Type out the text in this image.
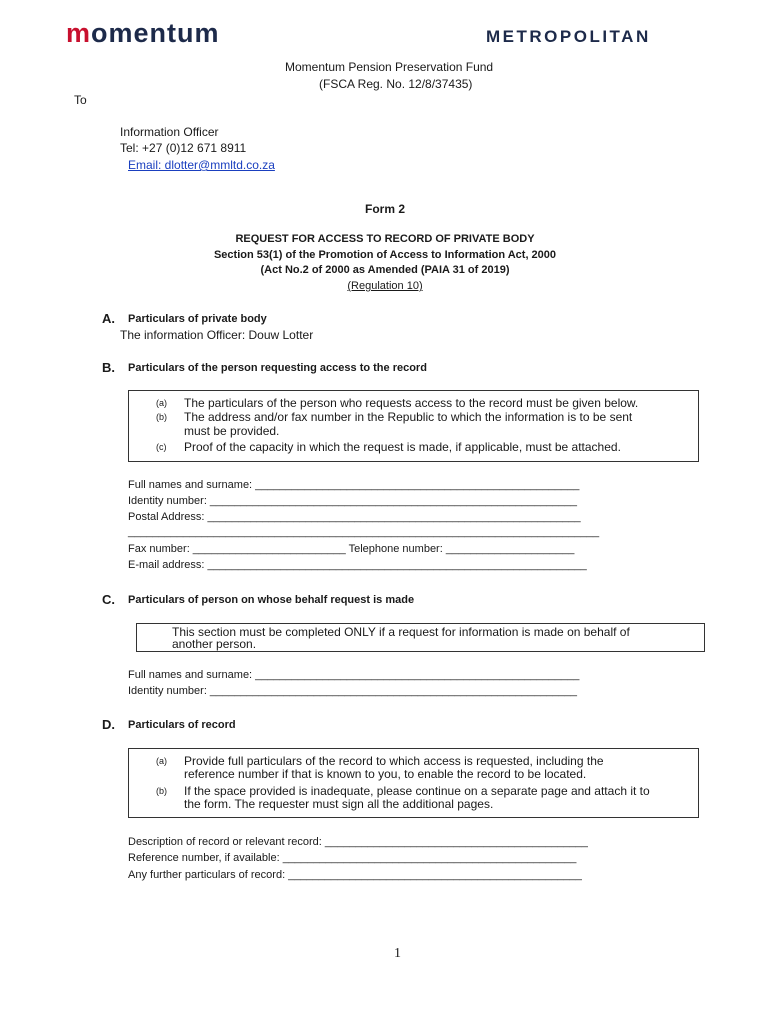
momentum	METROPOLITAN
Momentum Pension Preservation Fund
(FSCA Reg. No. 12/8/37435)
To
Information Officer
Tel: +27 (0)12 671 8911
Email: dlotter@mmltd.co.za
Form 2
REQUEST FOR ACCESS TO RECORD OF PRIVATE BODY
Section 53(1) of the Promotion of Access to Information Act, 2000
(Act No.2 of 2000 as Amended (PAIA 31 of 2019)
(Regulation 10)
A. Particulars of private body
The information Officer: Douw Lotter
B. Particulars of the person requesting access to the record
(a) The particulars of the person who requests access to the record must be given below.
(b) The address and/or fax number in the Republic to which the information is to be sent
must be provided.
(c) Proof of the capacity in which the request is made, if applicable, must be attached.
Full names and surname: _____________________________________________________
Identity number: ____________________________________________________________
Postal Address: _____________________________________________________________
_____________________________________________________________________________
Fax number: _________________________ Telephone number: _____________________
E-mail address: ______________________________________________________________
C. Particulars of person on whose behalf request is made
This section must be completed ONLY if a request for information is made on behalf of
another person.
Full names and surname: _____________________________________________________
Identity number: ____________________________________________________________
D. Particulars of record
(a) Provide full particulars of the record to which access is requested, including the
reference number if that is known to you, to enable the record to be located.
(b) If the space provided is inadequate, please continue on a separate page and attach it to
the form. The requester must sign all the additional pages.
Description of record or relevant record: ___________________________________________
Reference number, if available: ________________________________________________
Any further particulars of record: ________________________________________________
1
